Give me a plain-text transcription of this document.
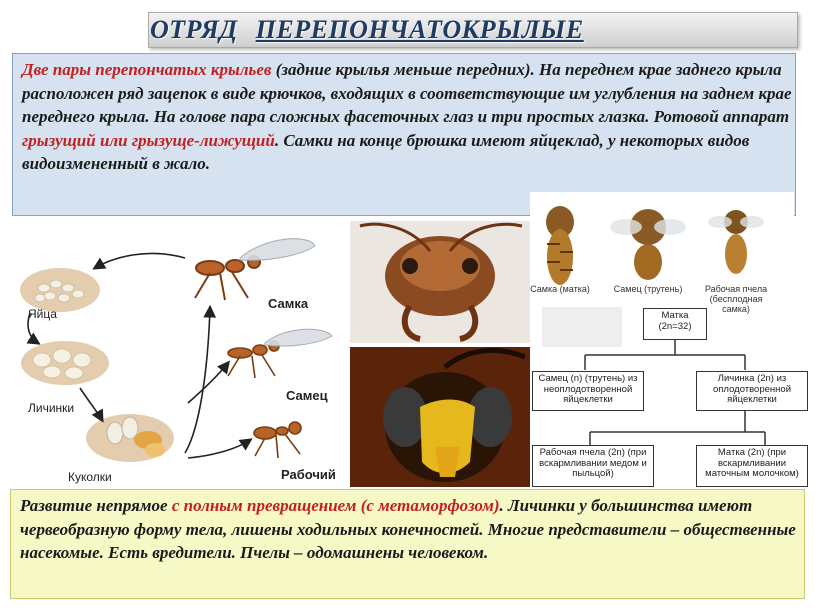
ОТРЯД ПЕРЕПОНЧАТОКРЫЛЫЕ

Две пары перепончатых крыльев (задние крылья меньше передних). На переднем крае заднего крыла расположен ряд зацепок в виде крючков, входящих в соответствующие им углубления на заднем крае переднего крыла. На голове пара сложных фасеточных глаз и три простых глазка. Ротовой аппарат грызущий или грызуще-лижущий. Самки на конце брюшка имеют яйцеклад, у некоторых видов видоизмененный в жало.

Яйца
Личинки
Куколки
Самка
Самец
Рабочий
Самка (матка)	Самец (трутень)	Рабочая пчела (бесплодная самка)
Матка (2n=32)
Самец (n) (трутень) из неоплодотворенной яйцеклетки
Личинка (2n) из оплодотворенной яйцеклетки
Рабочая пчела (2n) (при вскармливании медом и пыльцой)
Матка (2n) (при вскармливании маточным молочком)

Развитие непрямое с полным превращением (с метаморфозом). Личинки у большинства имеют червеобразную форму тела, лишены ходильных конечностей. Многие представители – общественные насекомые. Есть вредители. Пчелы – одомашнены человеком.
